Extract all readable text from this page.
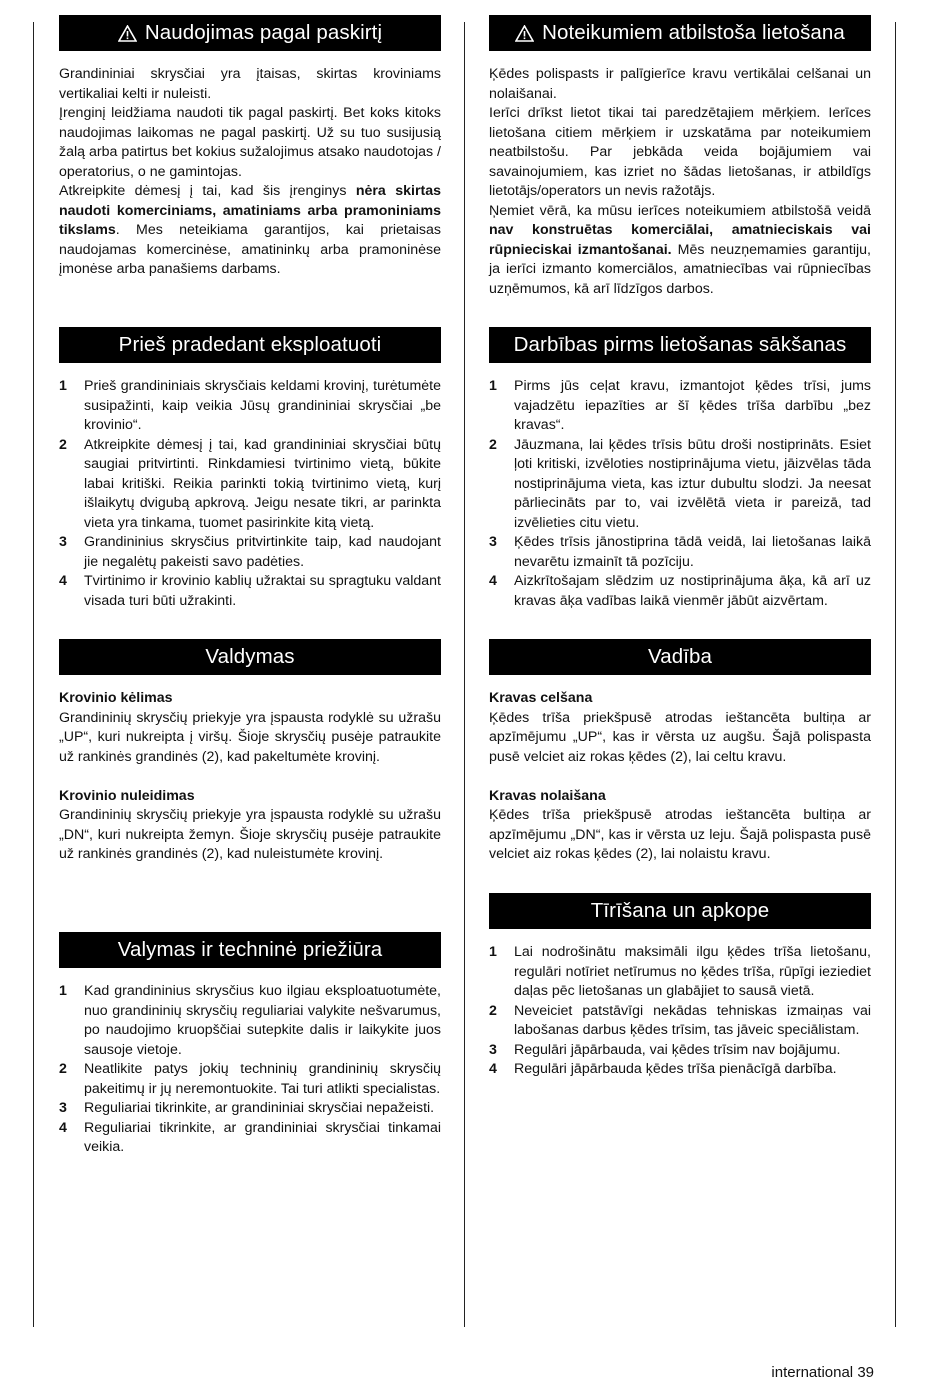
Naudojimas pagal paskirtį

Grandininiai skrysčiai yra įtaisas, skirtas kroviniams vertikaliai kelti ir nuleisti.

Įrenginį leidžiama naudoti tik pagal paskirtį. Bet koks kitoks naudojimas laikomas ne pagal paskirtį. Už su tuo susijusią žalą arba patirtus bet kokius sužalojimus atsako naudotojas / operatorius, o ne gamintojas.

Atkreipkite dėmesį į tai, kad šis įrenginys nėra skirtas naudoti komerciniams, amatiniams arba pramoniniams tikslams. Mes neteikiama garantijos, kai prietaisas naudojamas komercinėse, amatininkų arba pramoninėse įmonėse arba panašiems darbams.

Prieš pradedant eksploatuoti
1 Prieš grandininiais skrysčiais keldami krovinį, turėtumėte susipažinti, kaip veikia Jūsų grandininiai skrysčiai „be krovinio“.
2 Atkreipkite dėmesį į tai, kad grandininiai skrysčiai būtų saugiai pritvirtinti. Rinkdamiesi tvirtinimo vietą, būkite labai kritiški. Reikia parinkti tokią tvirtinimo vietą, kurį išlaikytų dvigubą apkrovą. Jeigu nesate tikri, ar parinkta vieta yra tinkama, tuomet pasirinkite kitą vietą.
3 Grandininius skrysčius pritvirtinkite taip, kad naudojant jie negalėtų pakeisti savo padėties.
4 Tvirtinimo ir krovinio kablių užraktai su spragtuku valdant visada turi būti užrakinti.
Valdymas
Krovinio kėlimas

Grandininių skrysčių priekyje yra įspausta rodyklė su užrašu „UP“, kuri nukreipta į viršų. Šioje skrysčių pusėje patraukite už rankinės grandinės (2), kad pakeltumėte krovinį.

Krovinio nuleidimas

Grandininių skrysčių priekyje yra įspausta rodyklė su užrašu „DN“, kuri nukreipta žemyn. Šioje skrysčių pusėje patraukite už rankinės grandinės (2), kad nuleistumėte krovinį.

Valymas ir techninė priežiūra
1 Kad grandininius skrysčius kuo ilgiau eksploatuotumėte, nuo grandininių skrysčių reguliariai valykite nešvarumus, po naudojimo kruopščiai sutepkite dalis ir laikykite juos sausoje vietoje.
2 Neatlikite patys jokių techninių grandininių skrysčių pakeitimų ir jų neremontuokite. Tai turi atlikti specialistas.
3 Reguliariai tikrinkite, ar grandininiai skrysčiai nepažeisti.
4 Reguliariai tikrinkite, ar grandininiai skrysčiai tinkamai veikia.
Noteikumiem atbilstoša lietošana

Ķēdes polispasts ir palīgierīce kravu vertikālai celšanai un nolaišanai.

Ierīci drīkst lietot tikai tai paredzētajiem mērķiem. Ierīces lietošana citiem mērķiem ir uzskatāma par noteikumiem neatbilstošu. Par jebkāda veida bojājumiem vai savainojumiem, kas izriet no šādas lietošanas, ir atbildīgs lietotājs/operators un nevis ražotājs.

Ņemiet vērā, ka mūsu ierīces noteikumiem atbilstošā veidā nav konstruētas komerciālai, amatnieciskais vai rūpnieciskai izmantošanai. Mēs neuzņemamies garantiju, ja ierīci izmanto komerciālos, amatniecības vai rūpniecības uzņēmumos, kā arī līdzīgos darbos.

Darbības pirms lietošanas sākšanas
1 Pirms jūs ceļat kravu, izmantojot ķēdes trīsi, jums vajadzētu iepazīties ar šī ķēdes trīša darbību „bez kravas“.
2 Jāuzmana, lai ķēdes trīsis būtu droši nostiprināts. Esiet ļoti kritiski, izvēloties nostiprinājuma vietu, jāizvēlas tāda nostiprinājuma vieta, kas iztur dubultu slodzi. Ja neesat pārliecināts par to, vai izvēlētā vieta ir pareizā, tad izvēlieties citu vietu.
3 Ķēdes trīsis jānostiprina tādā veidā, lai lietošanas laikā nevarētu izmainīt tā pozīciju.
4 Aizkrītošajam slēdzim uz nostiprinājuma āķa, kā arī uz kravas āķa vadības laikā vienmēr jābūt aizvērtam.
Vadība
Kravas celšana

Ķēdes trīša priekšpusē atrodas ieštancēta bultiņa ar apzīmējumu „UP“, kas ir vērsta uz augšu. Šajā polispasta pusē velciet aiz rokas ķēdes (2), lai celtu kravu.

Kravas nolaišana

Ķēdes trīša priekšpusē atrodas ieštancēta bultiņa ar apzīmējumu „DN“, kas ir vērsta uz leju. Šajā polispasta pusē velciet aiz rokas ķēdes (2), lai nolaistu kravu.

Tīrīšana un apkope
1 Lai nodrošinātu maksimāli ilgu ķēdes trīša lietošanu, regulāri notīriet netīrumus no ķēdes trīša, rūpīgi ieziediet daļas pēc lietošanas un glabājiet to sausā vietā.
2 Neveiciet patstāvīgi nekādas tehniskas izmaiņas vai labošanas darbus ķēdes trīsim, tas jāveic speciālistam.
3 Regulāri jāpārbauda, vai ķēdes trīsim nav bojājumu.
4 Regulāri jāpārbauda ķēdes trīša pienācīgā darbība.
international 39
